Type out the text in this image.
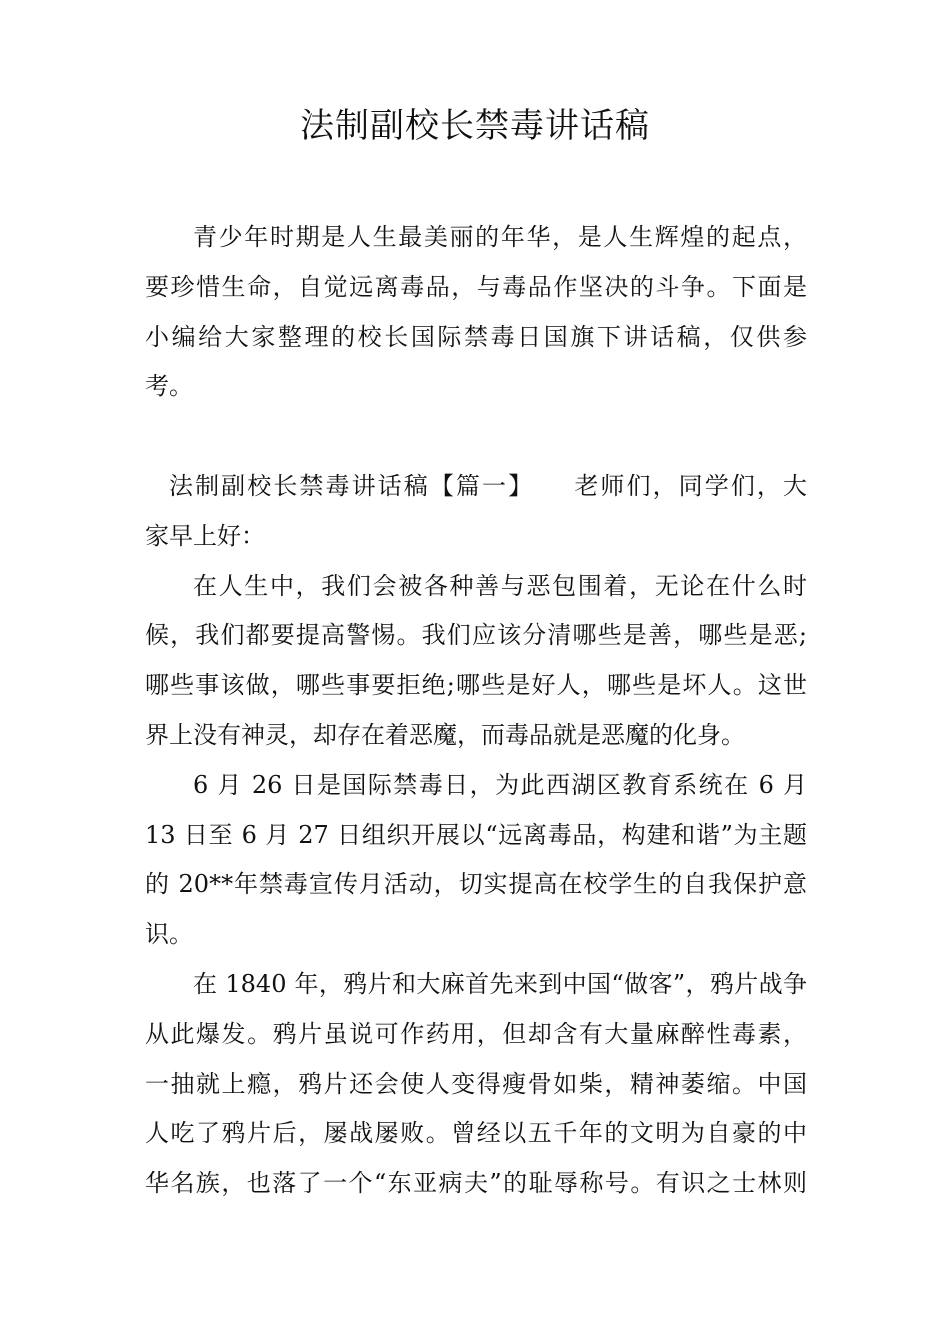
法制副校长禁毒讲话稿
青少年时期是人生最美丽的年华，是人生辉煌的起点，
要珍惜生命，自觉远离毒品，与毒品作坚决的斗争。下面是
小编给大家整理的校长国际禁毒日国旗下讲话稿，仅供参
考。
法制副校长禁毒讲话稿【篇一】　　老师们，同学们，大
家早上好：
在人生中，我们会被各种善与恶包围着，无论在什么时
候，我们都要提高警惕。我们应该分清哪些是善，哪些是恶;
哪些事该做，哪些事要拒绝;哪些是好人，哪些是坏人。这世
界上没有神灵，却存在着恶魔，而毒品就是恶魔的化身。
6 月 26 日是国际禁毒日，为此西湖区教育系统在 6 月
13 日至 6 月 27 日组织开展以“远离毒品，构建和谐”为主题
的 20**年禁毒宣传月活动，切实提高在校学生的自我保护意
识。
在 1840 年，鸦片和大麻首先来到中国“做客”，鸦片战争
从此爆发。鸦片虽说可作药用，但却含有大量麻醉性毒素，
一抽就上瘾，鸦片还会使人变得瘦骨如柴，精神萎缩。中国
人吃了鸦片后，屡战屡败。曾经以五千年的文明为自豪的中
华名族，也落了一个“东亚病夫”的耻辱称号。有识之士林则
